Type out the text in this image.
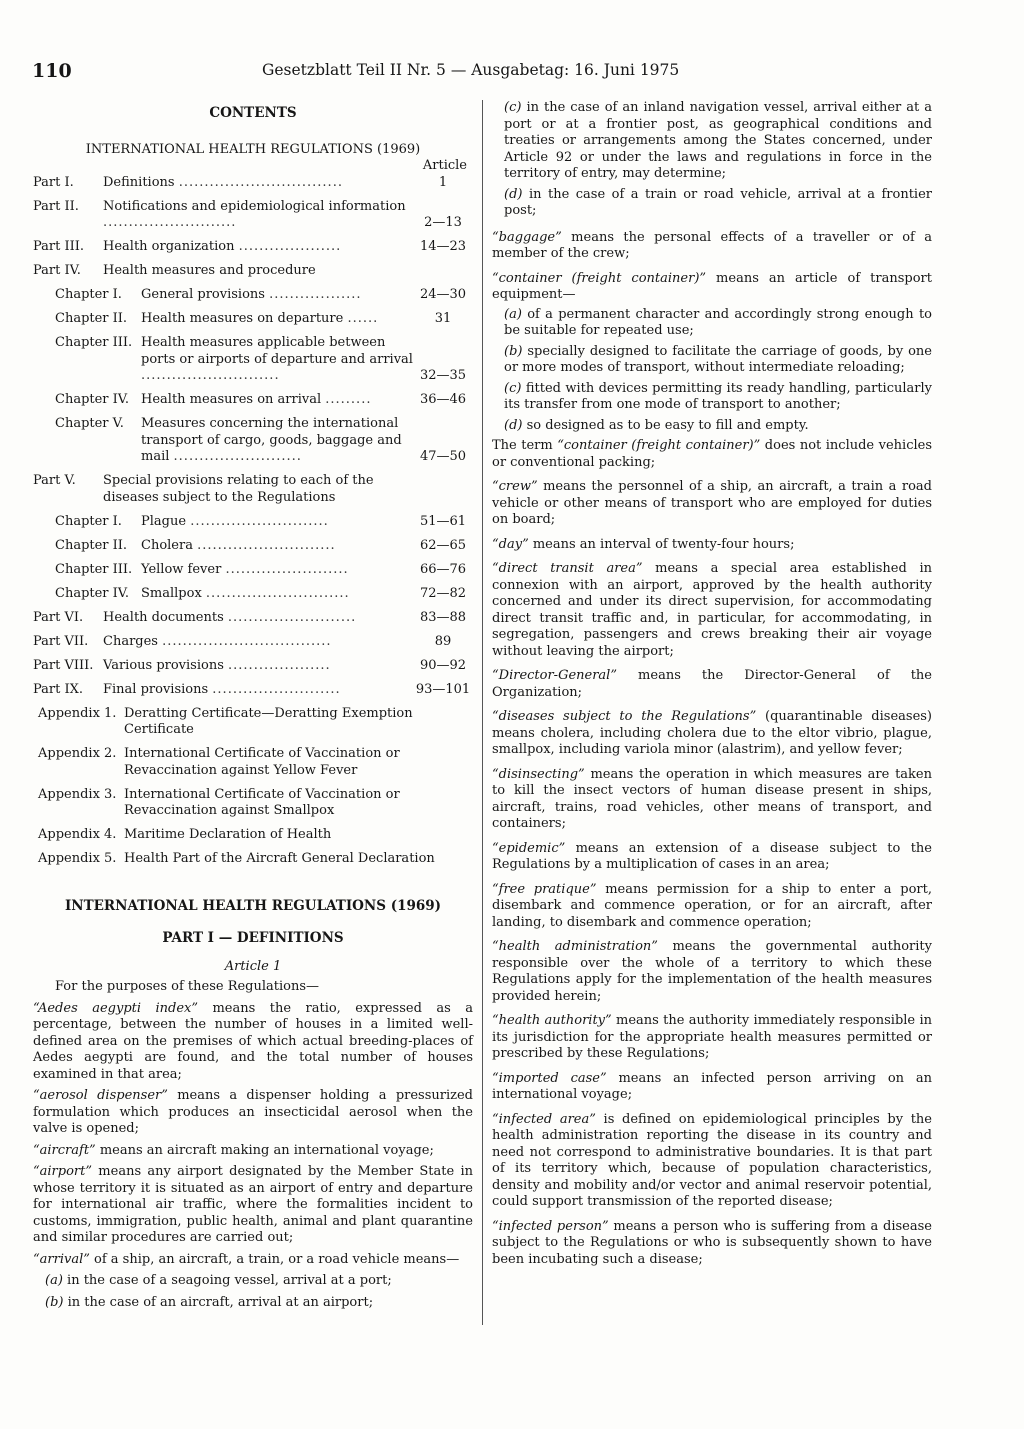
110	Gesetzblatt Teil II Nr. 5 — Ausgabetag: 16. Juni 1975
CONTENTS
INTERNATIONAL HEALTH REGULATIONS (1969)
Article
Part I.	Definitions ................................	1
Part II.	Notifications and epidemiological information ..........................	2—13
Part III.	Health organization ....................	14—23
Part IV.	Health measures and procedure
Chapter I.	General provisions ..................	24—30
Chapter II.	Health measures on departure ......	31
Chapter III. Health measures applicable between ports or airports of departure and arrival ...........................	32—35
Chapter IV. Health measures on arrival .........	36—46
Chapter V.	Measures concerning the international transport of cargo, goods, baggage and mail .........................	47—50
Part V.	Special provisions relating to each of the diseases subject to the Regulations
Chapter I.	Plague ...........................	51—61
Chapter II.	Cholera ...........................	62—65
Chapter III. Yellow fever ........................	66—76
Chapter IV. Smallpox ............................	72—82
Part VI.	Health documents .........................	83—88
Part VII.	Charges .................................	89
Part VIII. Various provisions ....................	90—92
Part IX.	Final provisions .........................	93—101
Appendix 1. Deratting Certificate—Deratting Exemption Certificate
Appendix 2. International Certificate of Vaccination or Revaccination against Yellow Fever
Appendix 3. International Certificate of Vaccination or Revaccination against Smallpox
Appendix 4. Maritime Declaration of Health
Appendix 5. Health Part of the Aircraft General Declaration
INTERNATIONAL HEALTH REGULATIONS (1969)
PART I — DEFINITIONS
Article 1
For the purposes of these Regulations—
“Aedes aegypti index” means the ratio, expressed as a percentage, between the number of houses in a limited well-defined area on the premises of which actual breeding-places of Aedes aegypti are found, and the total number of houses examined in that area;
“aerosol dispenser” means a dispenser holding a pressurized formulation which produces an insecticidal aerosol when the valve is opened;
“aircraft” means an aircraft making an international voyage;
“airport” means any airport designated by the Member State in whose territory it is situated as an airport of entry and departure for international air traffic, where the formalities incident to customs, immigration, public health, animal and plant quarantine and similar procedures are carried out;
“arrival” of a ship, an aircraft, a train, or a road vehicle means—
(a) in the case of a seagoing vessel, arrival at a port;
(b) in the case of an aircraft, arrival at an airport;
(c) in the case of an inland navigation vessel, arrival either at a port or at a frontier post, as geographical conditions and treaties or arrangements among the States concerned, under Article 92 or under the laws and regulations in force in the territory of entry, may determine;
(d) in the case of a train or road vehicle, arrival at a frontier post;
“baggage” means the personal effects of a traveller or of a member of the crew;
“container (freight container)” means an article of transport equipment—
(a) of a permanent character and accordingly strong enough to be suitable for repeated use;
(b) specially designed to facilitate the carriage of goods, by one or more modes of transport, without intermediate reloading;
(c) fitted with devices permitting its ready handling, particularly its transfer from one mode of transport to another;
(d) so designed as to be easy to fill and empty.
The term “container (freight container)” does not include vehicles or conventional packing;
“crew” means the personnel of a ship, an aircraft, a train a road vehicle or other means of transport who are employed for duties on board;
“day” means an interval of twenty-four hours;
“direct transit area” means a special area established in connexion with an airport, approved by the health authority concerned and under its direct supervision, for accommodating direct transit traffic and, in particular, for accommodating, in segregation, passengers and crews breaking their air voyage without leaving the airport;
“Director-General” means the Director-General of the Organization;
“diseases subject to the Regulations” (quarantinable diseases) means cholera, including cholera due to the eltor vibrio, plague, smallpox, including variola minor (alastrim), and yellow fever;
“disinsecting” means the operation in which measures are taken to kill the insect vectors of human disease present in ships, aircraft, trains, road vehicles, other means of transport, and containers;
“epidemic” means an extension of a disease subject to the Regulations by a multiplication of cases in an area;
“free pratique” means permission for a ship to enter a port, disembark and commence operation, or for an aircraft, after landing, to disembark and commence operation;
“health administration” means the governmental authority responsible over the whole of a territory to which these Regulations apply for the implementation of the health measures provided herein;
“health authority” means the authority immediately responsible in its jurisdiction for the appropriate health measures permitted or prescribed by these Regulations;
“imported case” means an infected person arriving on an international voyage;
“infected area” is defined on epidemiological principles by the health administration reporting the disease in its country and need not correspond to administrative boundaries. It is that part of its territory which, because of population characteristics, density and mobility and/or vector and animal reservoir potential, could support transmission of the reported disease;
“infected person” means a person who is suffering from a disease subject to the Regulations or who is subsequently shown to have been incubating such a disease;
